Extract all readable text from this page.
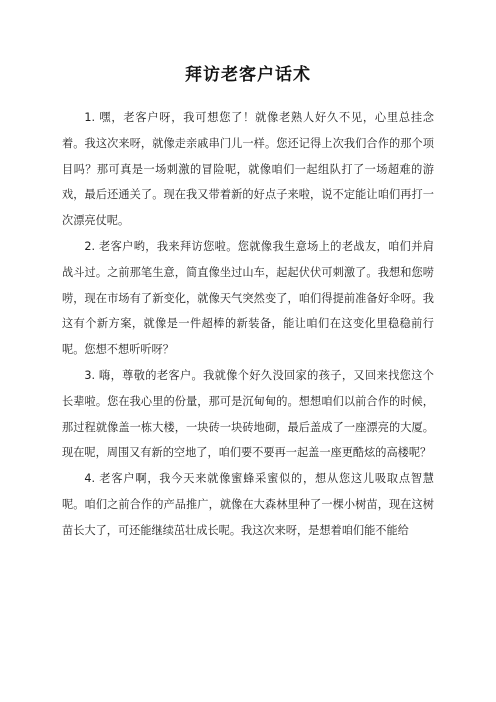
拜访老客户话术

1. 嘿，老客户呀，我可想您了！就像老熟人好久不见，心里总挂念着。我这次来呀，就像走亲戚串门儿一样。您还记得上次我们合作的那个项目吗？那可真是一场刺激的冒险呢，就像咱们一起组队打了一场超难的游戏，最后还通关了。现在我又带着新的好点子来啦，说不定能让咱们再打一次漂亮仗呢。

2. 老客户哟，我来拜访您啦。您就像我生意场上的老战友，咱们并肩战斗过。之前那笔生意，简直像坐过山车，起起伏伏可刺激了。我想和您唠唠，现在市场有了新变化，就像天气突然变了，咱们得提前准备好伞呀。我这有个新方案，就像是一件超棒的新装备，能让咱们在这变化里稳稳前行呢。您想不想听听呀？

3. 嗨，尊敬的老客户。我就像个好久没回家的孩子，又回来找您这个长辈啦。您在我心里的份量，那可是沉甸甸的。想想咱们以前合作的时候，那过程就像盖一栋大楼，一块砖一块砖地砌，最后盖成了一座漂亮的大厦。现在呢，周围又有新的空地了，咱们要不要再一起盖一座更酷炫的高楼呢？

4. 老客户啊，我今天来就像蜜蜂采蜜似的，想从您这儿吸取点智慧呢。咱们之前合作的产品推广，就像在大森林里种了一棵小树苗，现在这树苗长大了，可还能继续茁壮成长呢。我这次来呀，是想着咱们能不能给
